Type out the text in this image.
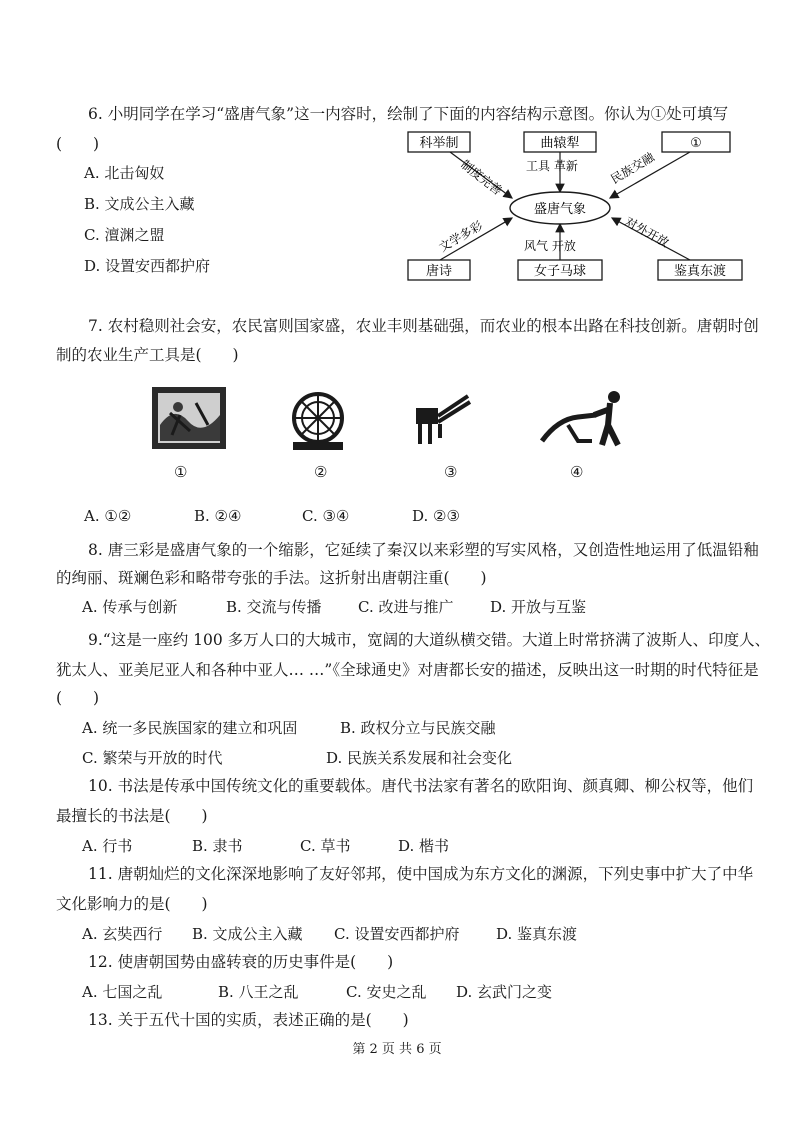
6. 小明同学在学习“盛唐气象”这一内容时，绘制了下面的内容结构示意图。你认为①处可填写
(　　)
A. 北击匈奴
B. 文成公主入藏
C. 澶渊之盟
D. 设置安西都护府
盛唐气象
科举制	曲辕犁	①
唐诗	女子马球	鉴真东渡
制度完善 工具 革新	民族交融
文学多彩	风气 开放	对外开放
7. 农村稳则社会安，农民富则国家盛，农业丰则基础强，而农业的根本出路在科技创新。唐朝时创
制的农业生产工具是(　　)
①	②	③	④
A. ①②	B. ②④	C. ③④	D. ②③
8. 唐三彩是盛唐气象的一个缩影，它延续了秦汉以来彩塑的写实风格，又创造性地运用了低温铅釉
的绚丽、斑斓色彩和略带夸张的手法。这折射出唐朝注重(　　)
A. 传承与创新	B. 交流与传播 C. 改进与推广 D. 开放与互鉴
9.“这是一座约 100 多万人口的大城市，宽阔的大道纵横交错。大道上时常挤满了波斯人、印度人、
犹太人、亚美尼亚人和各种中亚人… …”《全球通史》对唐都长安的描述，反映出这一时期的时代特征是
(　　)
A. 统一多民族国家的建立和巩固	B. 政权分立与民族交融
C. 繁荣与开放的时代	D. 民族关系发展和社会变化
10. 书法是传承中国传统文化的重要载体。唐代书法家有著名的欧阳询、颜真卿、柳公权等，他们
最擅长的书法是(　　)
A. 行书	B. 隶书	C. 草书	D. 楷书
11. 唐朝灿烂的文化深深地影响了友好邻邦，使中国成为东方文化的渊源，下列史事中扩大了中华
文化影响力的是(　　)
A. 玄奘西行 B. 文成公主入藏 C. 设置安西都护府 D. 鉴真东渡
12. 使唐朝国势由盛转衰的历史事件是(　　)
A. 七国之乱	B. 八王之乱	C. 安史之乱 D. 玄武门之变
13. 关于五代十国的实质，表述正确的是(　　)
第 2 页 共 6 页
